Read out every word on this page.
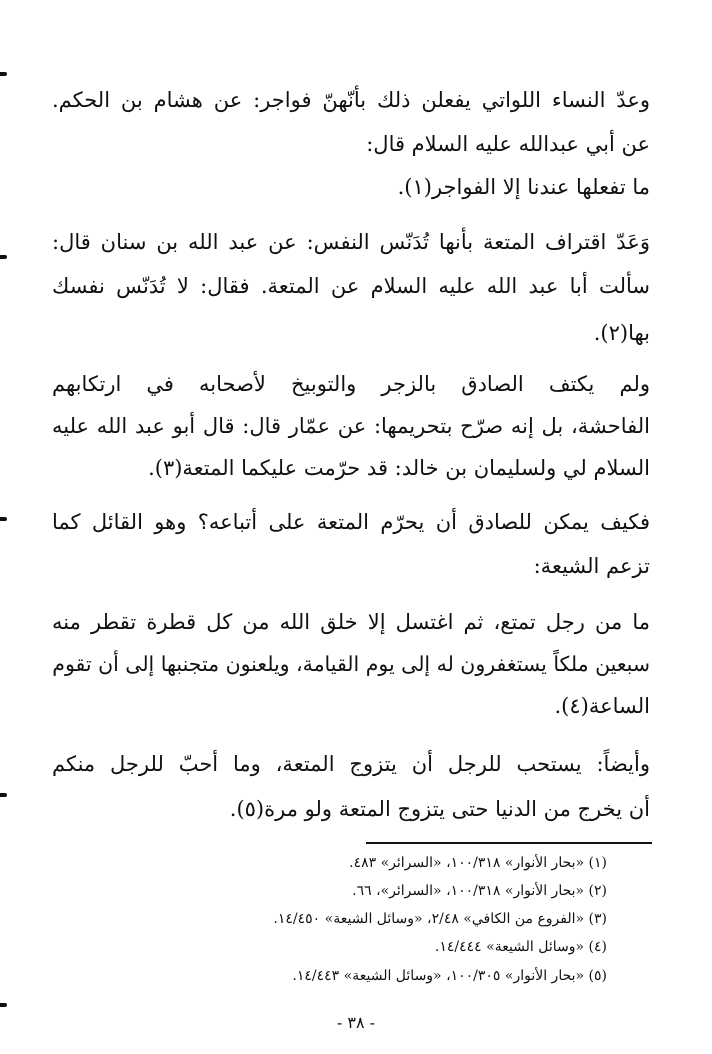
وعدّ النساء اللواتي يفعلن ذلك بأنّهنّ فواجر: عن هشام بن الحكم.
عن أبي عبدالله عليه السلام قال:
ما تفعلها عندنا إلا الفواجر(١).
وَعَدّ اقتراف المتعة بأنها تُدَنّس النفس: عن عبد الله بن سنان قال:
سألت أبا عبد الله عليه السلام عن المتعة. فقال: لا تُدَنّس نفسك
بها(٢).
ولم يكتف الصادق بالزجر والتوبيخ لأصحابه في ارتكابهم
الفاحشة، بل إنه صرّح بتحريمها: عن عمّار قال: قال أبو عبد الله عليه
السلام لي ولسليمان بن خالد: قد حرّمت عليكما المتعة(٣).
فكيف يمكن للصادق أن يحرّم المتعة على أتباعه؟ وهو القائل كما
تزعم الشيعة:
ما من رجل تمتع، ثم اغتسل إلا خلق الله من كل قطرة تقطر منه
سبعين ملكاً يستغفرون له إلى يوم القيامة، ويلعنون متجنبها إلى أن تقوم
الساعة(٤).
وأيضاً: يستحب للرجل أن يتزوج المتعة، وما أحبّ للرجل منكم
أن يخرج من الدنيا حتى يتزوج المتعة ولو مرة(٥).
(١) «بحار الأنوار» ١٠٠/٣١٨، «السرائر» ٤٨٣.
(٢) «بحار الأنوار» ١٠٠/٣١٨، «السرائر»، ٦٦.
(٣) «الفروع من الكافي» ٢/٤٨، «وسائل الشيعة» ١٤/٤٥٠.
(٤) «وسائل الشيعة» ١٤/٤٤٤.
(٥) «بحار الأنوار» ١٠٠/٣٠٥، «وسائل الشيعة» ١٤/٤٤٣.
- ٣٨ -
